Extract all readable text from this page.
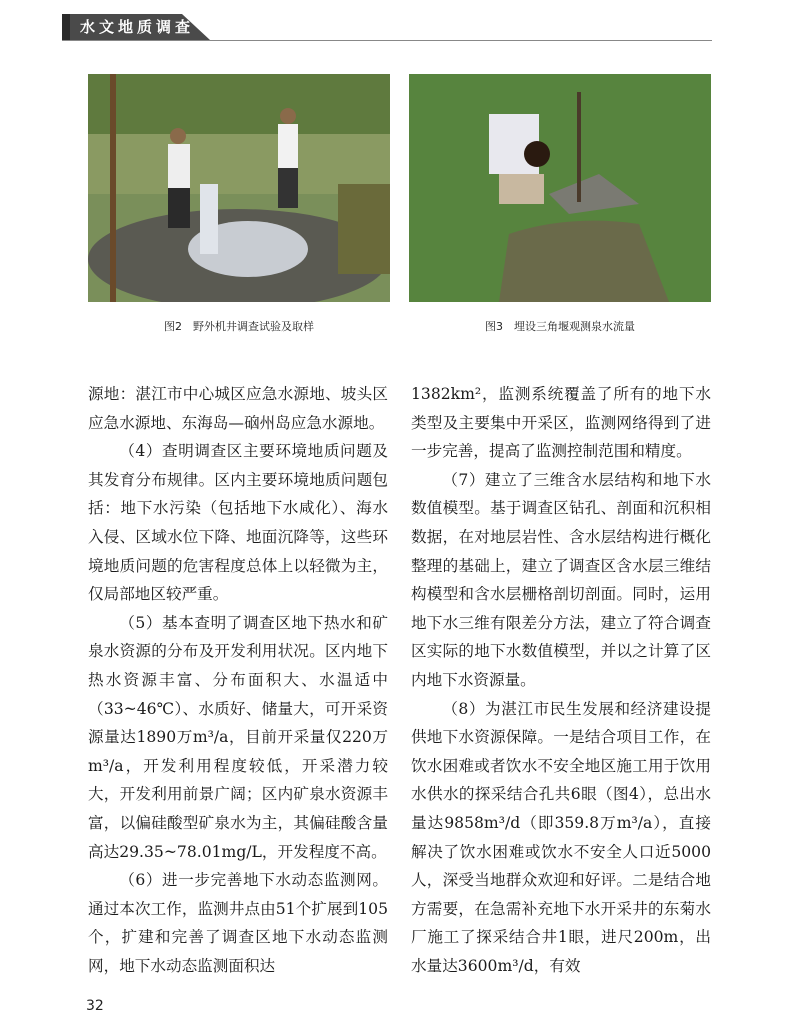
水文地质调查
图2　野外机井调查试验及取样	图3　埋设三角堰观测泉水流量

源地：湛江市中心城区应急水源地、坡头区应急水源地、东海岛—硇州岛应急水源地。

（4）查明调查区主要环境地质问题及其发育分布规律。区内主要环境地质问题包括：地下水污染（包括地下水咸化）、海水入侵、区域水位下降、地面沉降等，这些环境地质问题的危害程度总体上以轻微为主，仅局部地区较严重。

（5）基本查明了调查区地下热水和矿泉水资源的分布及开发利用状况。区内地下热水资源丰富、分布面积大、水温适中（33~46℃）、水质好、储量大，可开采资源量达1890万m³/a，目前开采量仅220万m³/a，开发利用程度较低，开采潜力较大，开发利用前景广阔；区内矿泉水资源丰富，以偏硅酸型矿泉水为主，其偏硅酸含量高达29.35~78.01mg/L，开发程度不高。

（6）进一步完善地下水动态监测网。通过本次工作，监测井点由51个扩展到105个，扩建和完善了调查区地下水动态监测网，地下水动态监测面积达

1382km²，监测系统覆盖了所有的地下水类型及主要集中开采区，监测网络得到了进一步完善，提高了监测控制范围和精度。

（7）建立了三维含水层结构和地下水数值模型。基于调查区钻孔、剖面和沉积相数据，在对地层岩性、含水层结构进行概化整理的基础上，建立了调查区含水层三维结构模型和含水层栅格剖切剖面。同时，运用地下水三维有限差分方法，建立了符合调查区实际的地下水数值模型，并以之计算了区内地下水资源量。

（8）为湛江市民生发展和经济建设提供地下水资源保障。一是结合项目工作，在饮水困难或者饮水不安全地区施工用于饮用水供水的探采结合孔共6眼（图4），总出水量达9858m³/d（即359.8万m³/a），直接解决了饮水困难或饮水不安全人口近5000人，深受当地群众欢迎和好评。二是结合地方需要，在急需补充地下水开采井的东菊水厂施工了探采结合井1眼，进尺200m，出水量达3600m³/d，有效

32
